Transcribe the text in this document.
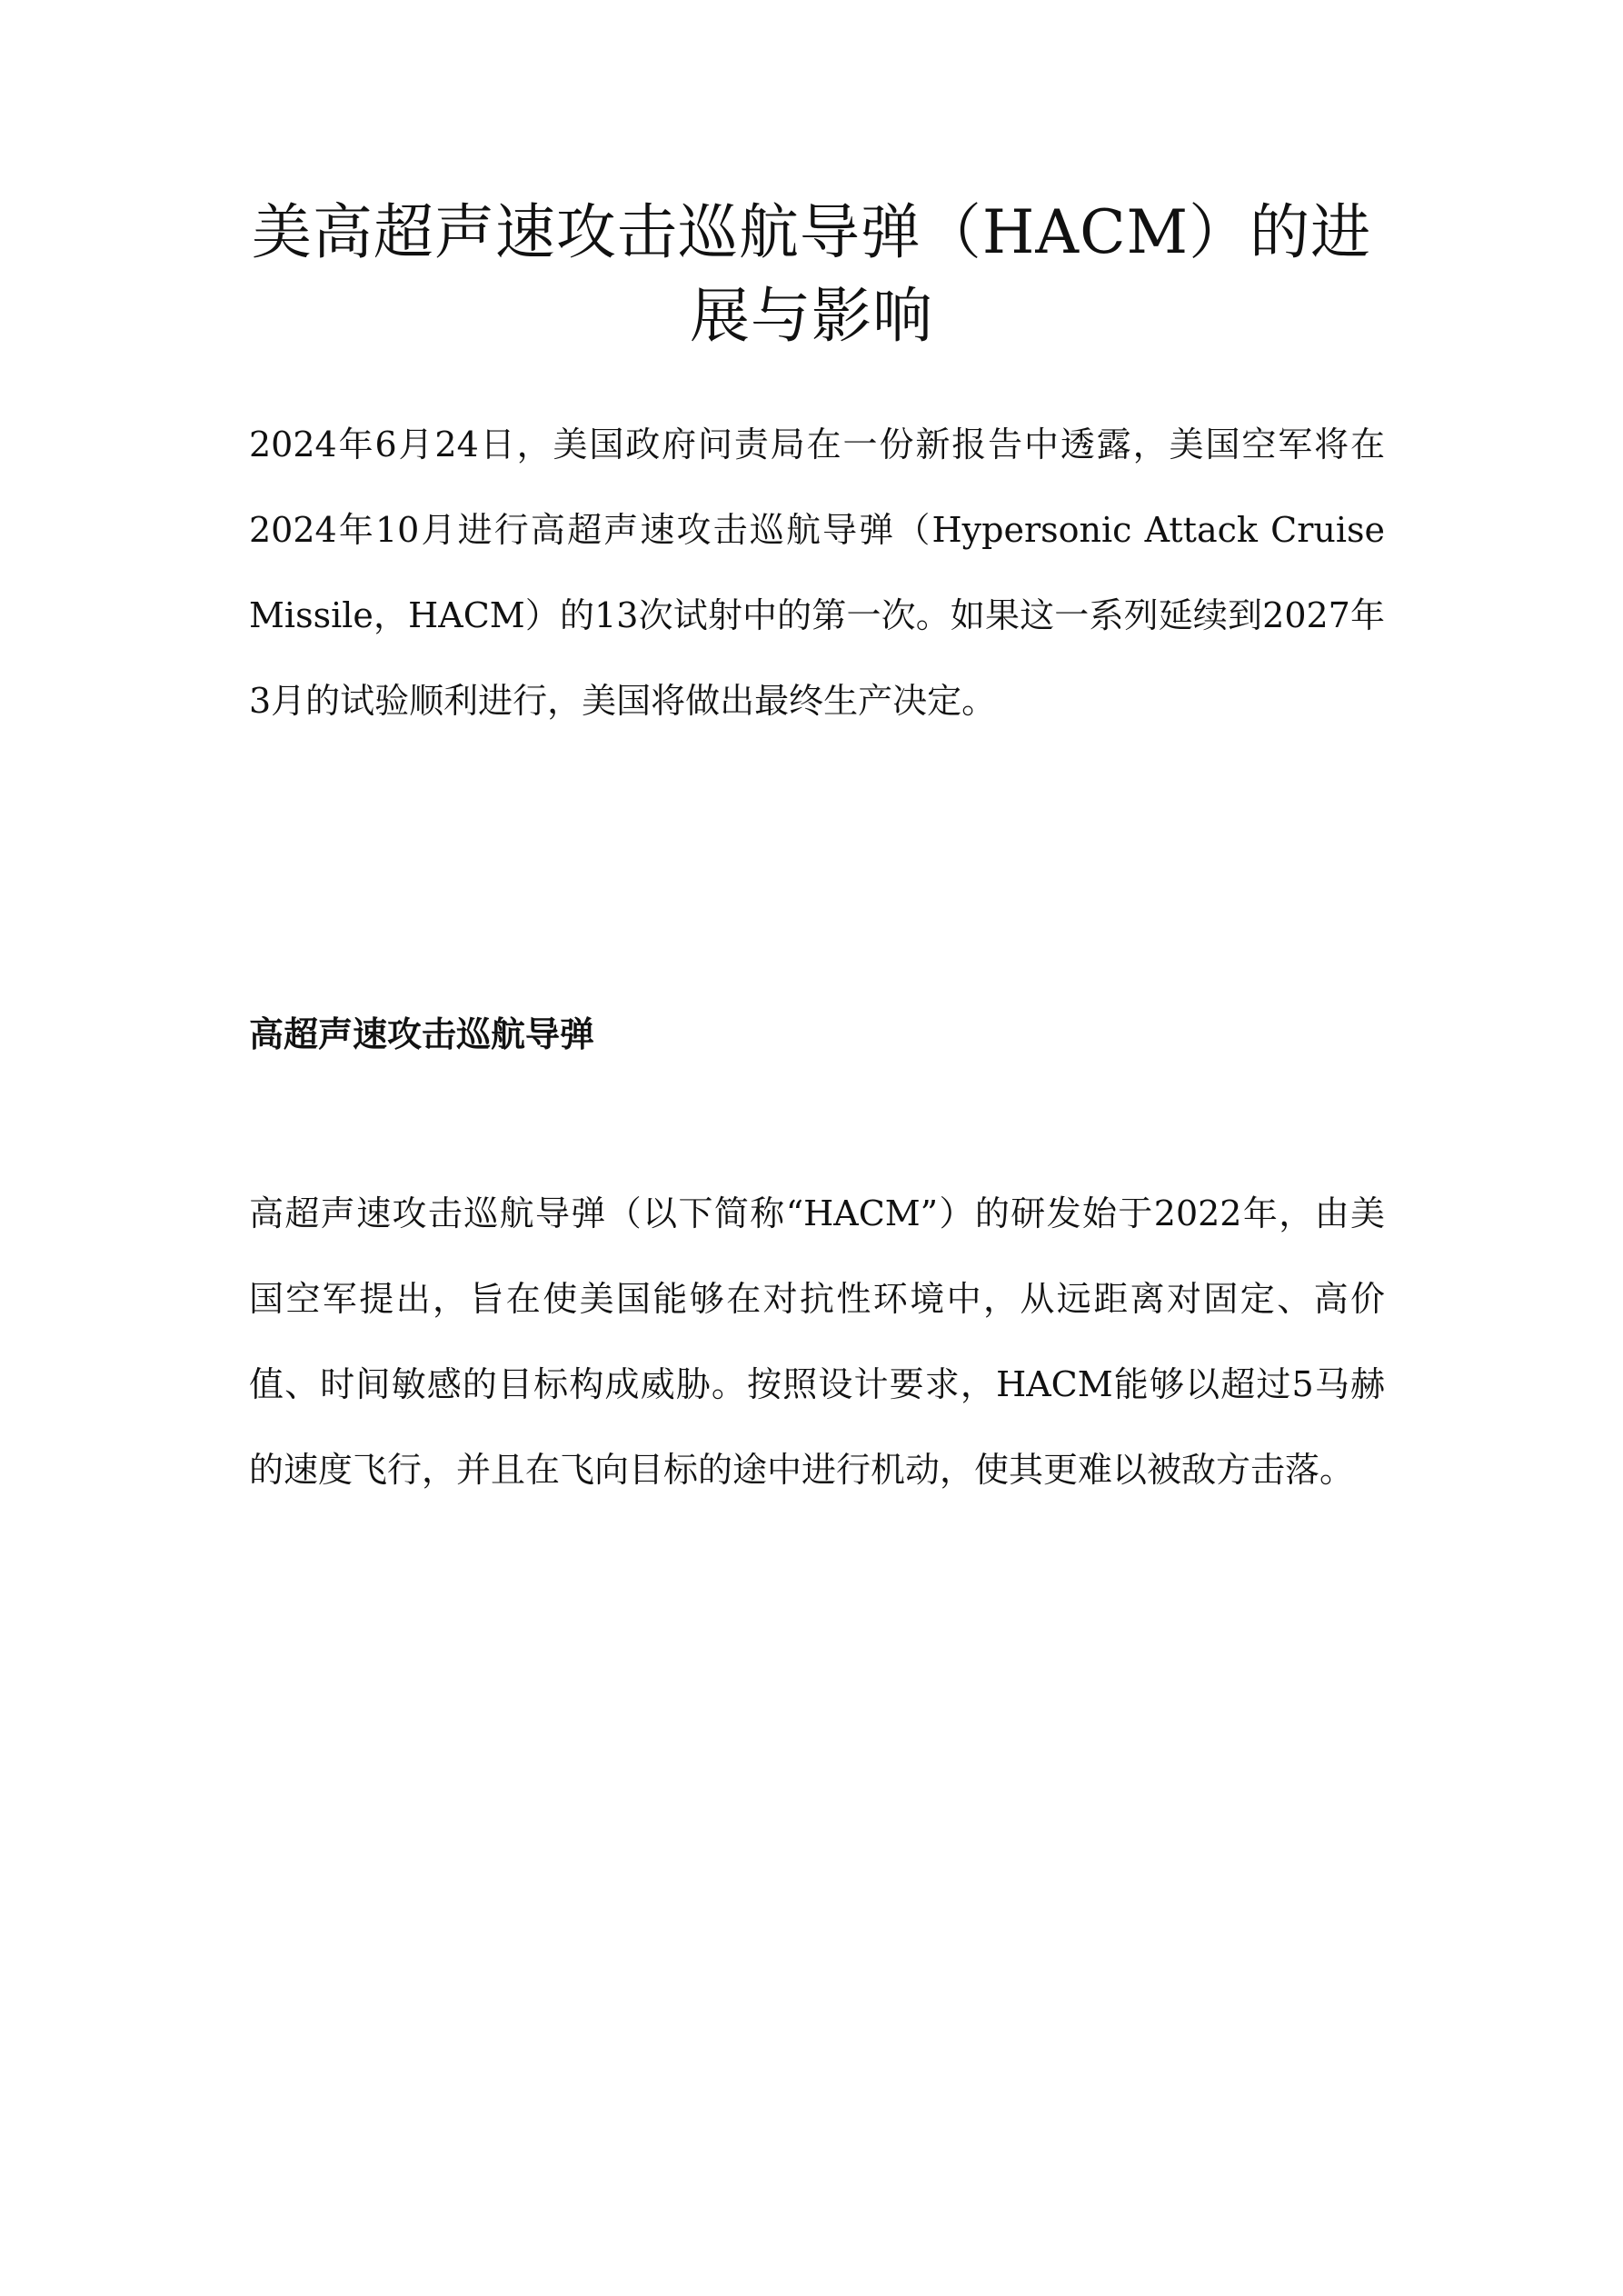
美高超声速攻击巡航导弹（HACM）的进展与影响

2024年6月24日，美国政府问责局在一份新报告中透露，美国空军将在2024年10月进行高超声速攻击巡航导弹（Hypersonic Attack Cruise Missile，HACM）的13次试射中的第一次。如果这一系列延续到2027年3月的试验顺利进行，美国将做出最终生产决定。

高超声速攻击巡航导弹

高超声速攻击巡航导弹（以下简称“HACM”）的研发始于2022年，由美国空军提出，旨在使美国能够在对抗性环境中，从远距离对固定、高价值、时间敏感的目标构成威胁。按照设计要求，HACM能够以超过5马赫的速度飞行，并且在飞向目标的途中进行机动，使其更难以被敌方击落。
